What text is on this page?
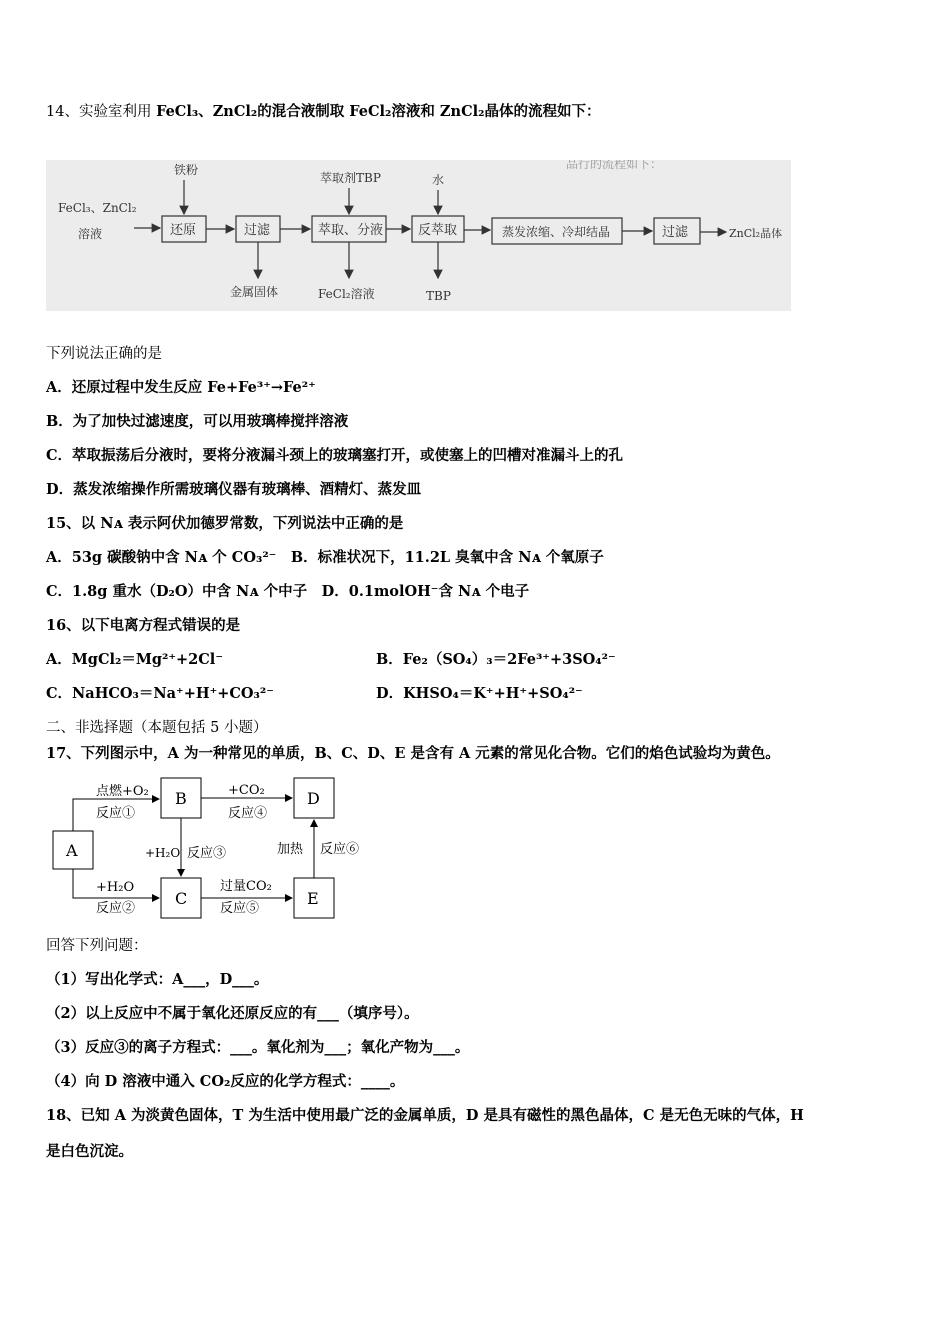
14、实验室利用 FeCl₃、ZnCl₂的混合液制取 FeCl₂溶液和 ZnCl₂晶体的流程如下：
品行的流程如下：
FeCl₃、ZnCl₂
溶液	还原
铁粉
过滤
金属固体
萃取、分液
萃取剂TBP
FeCl₂溶液
反萃取
水
TBP
蒸发浓缩、冷却结晶	过滤	ZnCl₂晶体
下列说法正确的是
A．还原过程中发生反应 Fe+Fe³⁺→Fe²⁺
B．为了加快过滤速度，可以用玻璃棒搅拌溶液
C．萃取振荡后分液时，要将分液漏斗颈上的玻璃塞打开，或使塞上的凹槽对准漏斗上的孔
D．蒸发浓缩操作所需玻璃仪器有玻璃棒、酒精灯、蒸发皿
15、以 Nᴀ 表示阿伏加德罗常数，下列说法中正确的是
A．53g 碳酸钠中含 Nᴀ 个 CO₃²⁻　B．标准状况下，11.2L 臭氧中含 Nᴀ 个氧原子
C．1.8g 重水（D₂O）中含 Nᴀ 个中子　D．0.1molOH⁻含 Nᴀ 个电子
16、以下电离方程式错误的是
A．MgCl₂＝Mg²⁺+2Cl⁻	B．Fe₂（SO₄）₃＝2Fe³⁺+3SO₄²⁻
C．NaHCO₃＝Na⁺+H⁺+CO₃²⁻	D．KHSO₄＝K⁺+H⁺+SO₄²⁻
二、非选择题（本题包括 5 小题）
17、下列图示中，A 为一种常见的单质，B、C、D、E 是含有 A 元素的常见化合物。它们的焰色试验均为黄色。
A
B
C
D
E
点燃+O₂
反应①
+H₂O
反应②
+H₂O 反应③
+CO₂
反应④
过量CO₂
反应⑤
加热 反应⑥
回答下列问题：
（1）写出化学式：A___，D___。
（2）以上反应中不属于氧化还原反应的有___（填序号）。
（3）反应③的离子方程式：___。氧化剂为___；氧化产物为___。
（4）向 D 溶液中通入 CO₂反应的化学方程式：____。
18、已知 A 为淡黄色固体，T 为生活中使用最广泛的金属单质，D 是具有磁性的黑色晶体，C 是无色无味的气体，H
是白色沉淀。
